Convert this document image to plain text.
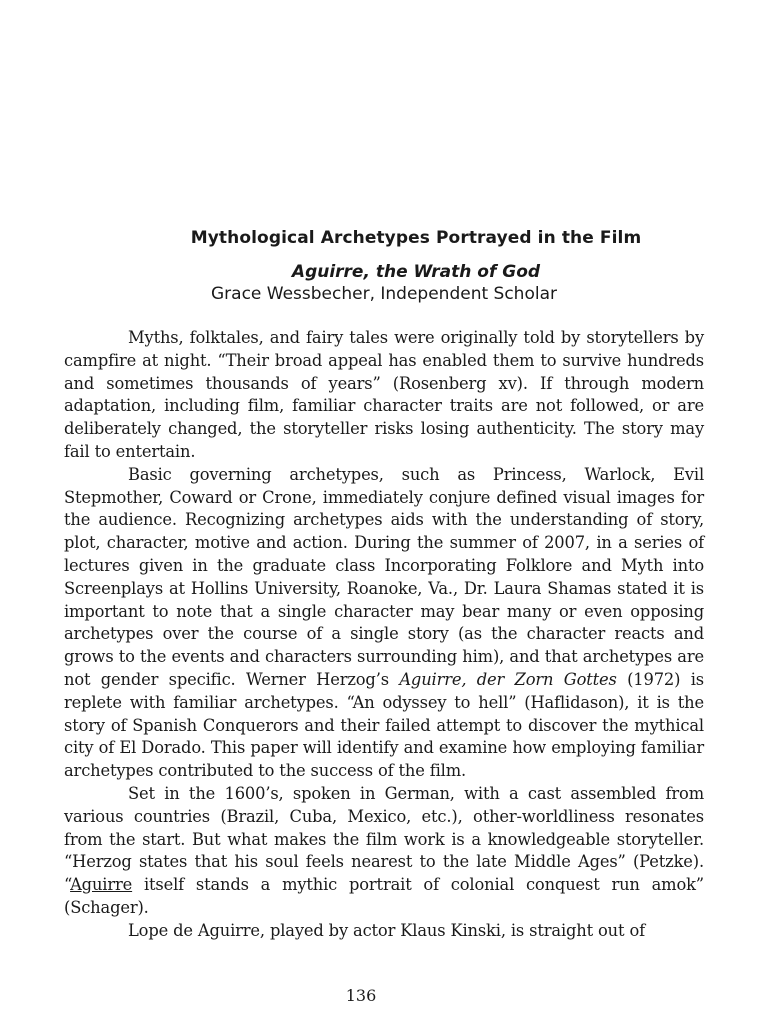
Mythological Archetypes Portrayed in the Film
Aguirre, the Wrath of God
Grace Wessbecher, Independent Scholar

Myths, folktales, and fairy tales were originally told by storytellers by campfire at night. “Their broad appeal has enabled them to survive hundreds and sometimes thousands of years” (Rosenberg xv). If through modern adaptation, including film, familiar character traits are not followed, or are deliberately changed, the storyteller risks losing authenticity. The story may fail to entertain.

Basic governing archetypes, such as Princess, Warlock, Evil Stepmother, Coward or Crone, immediately conjure defined visual images for the audience. Recognizing archetypes aids with the understanding of story, plot, character, motive and action. During the summer of 2007, in a series of lectures given in the graduate class Incorporating Folklore and Myth into Screenplays at Hollins University, Roanoke, Va., Dr. Laura Shamas stated it is important to note that a single character may bear many or even opposing archetypes over the course of a single story (as the character reacts and grows to the events and characters surrounding him), and that archetypes are not gender specific. Werner Herzog’s Aguirre, der Zorn Gottes (1972) is replete with familiar archetypes. “An odyssey to hell” (Haflidason), it is the story of Spanish Conquerors and their failed attempt to discover the mythical city of El Dorado. This paper will identify and examine how employing familiar archetypes contributed to the success of the film.

Set in the 1600’s, spoken in German, with a cast assembled from various countries (Brazil, Cuba, Mexico, etc.), other-worldliness resonates from the start. But what makes the film work is a knowledgeable storyteller. “Herzog states that his soul feels nearest to the late Middle Ages” (Petzke). “Aguirre itself stands a mythic portrait of colonial conquest run amok” (Schager).

Lope de Aguirre, played by actor Klaus Kinski, is straight out of

136
